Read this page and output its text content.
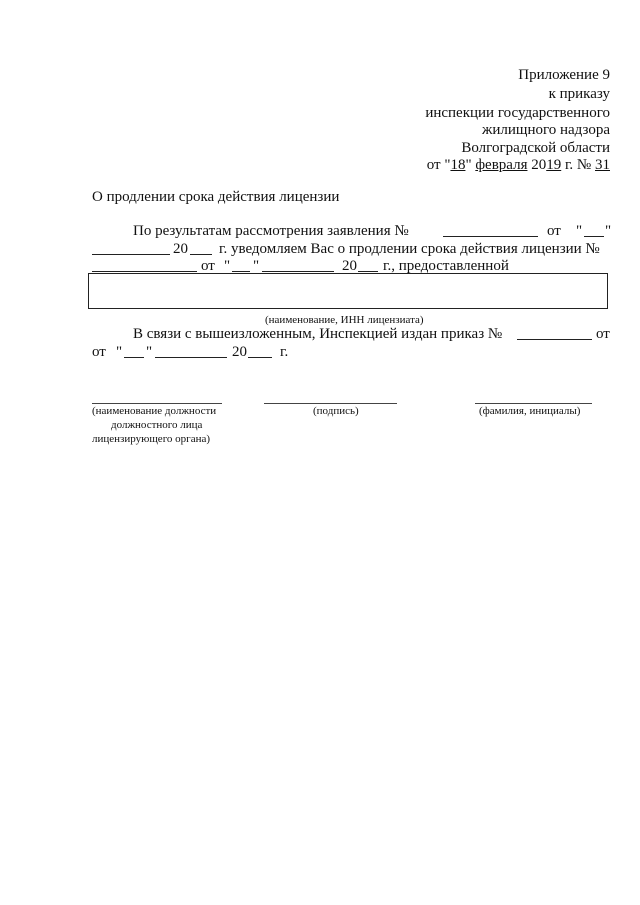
Приложение 9
к приказу
инспекции государственного
жилищного надзора
Волгоградской области
от "18" февраля 2019 г. № 31
О продлении срока действия лицензии
По результатам рассмотрения заявления №	от " "
20 г. уведомляем Вас о продлении срока действия лицензии №
от " "	20 г., предоставленной
(наименование, ИНН лицензиата)
В связи с вышеизложенным, Инспекцией издан приказ №	от
от " "	20 г.
(наименование должности
должностного лица
лицензирующего органа)
(подпись)	(фамилия, инициалы)
